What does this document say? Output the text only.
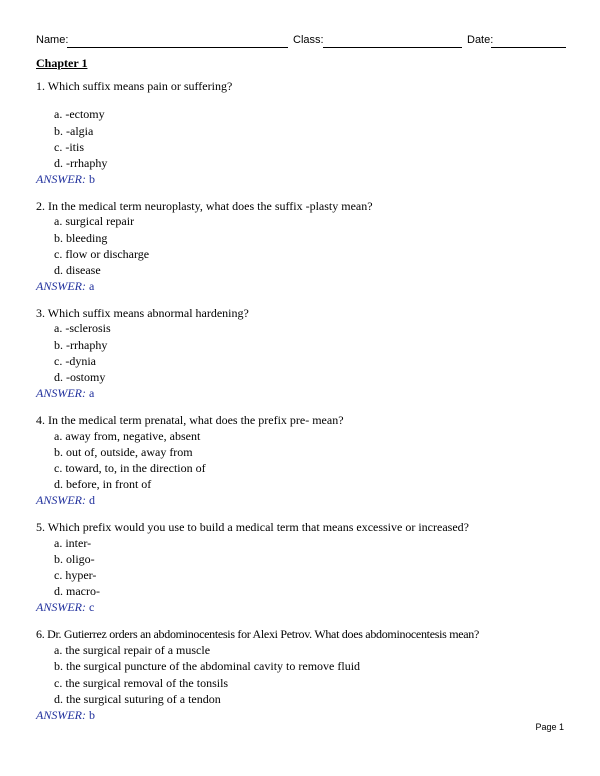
Name:	Class:	Date:
Chapter 1
1. Which suffix means pain or suffering?
a. -ectomy
b. -algia
c. -itis
d. -rrhaphy
ANSWER: b
2. In the medical term neuroplasty, what does the suffix -plasty mean?
a. surgical repair
b. bleeding
c. flow or discharge
d. disease
ANSWER: a
3. Which suffix means abnormal hardening?
a. -sclerosis
b. -rrhaphy
c. -dynia
d. -ostomy
ANSWER: a
4. In the medical term prenatal, what does the prefix pre- mean?
a. away from, negative, absent
b. out of, outside, away from
c. toward, to, in the direction of
d. before, in front of
ANSWER: d
5. Which prefix would you use to build a medical term that means excessive or increased?
a. inter-
b. oligo-
c. hyper-
d. macro-
ANSWER: c
6. Dr. Gutierrez orders an abdominocentesis for Alexi Petrov. What does abdominocentesis mean?
a. the surgical repair of a muscle
b. the surgical puncture of the abdominal cavity to remove fluid
c. the surgical removal of the tonsils
d. the surgical suturing of a tendon
ANSWER: b
Page 1
